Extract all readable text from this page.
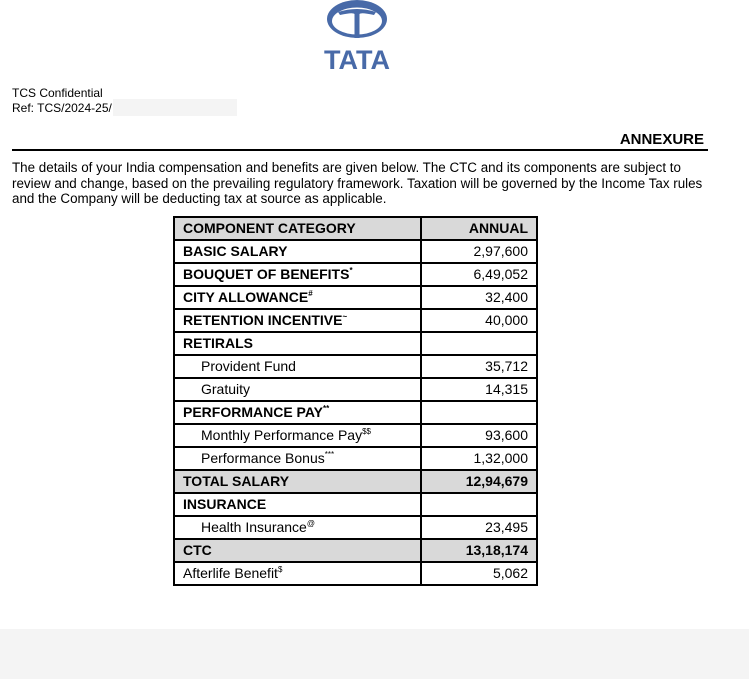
TATA
TCS Confidential
Ref: TCS/2024-25/
ANNEXURE
The details of your India compensation and benefits are given below. The CTC and its components are subject to review and change, based on the prevailing regulatory framework. Taxation will be governed by the Income Tax rules and the Company will be deducting tax at source as applicable.
COMPONENT CATEGORY	ANNUAL
BASIC SALARY	2,97,600
BOUQUET OF BENEFITS*	6,49,052
CITY ALLOWANCE#	32,400
RETENTION INCENTIVE~	40,000
RETIRALS	
Provident Fund	35,712
Gratuity	14,315
PERFORMANCE PAY**	
Monthly Performance Pay$$	93,600
Performance Bonus***	1,32,000
TOTAL SALARY	12,94,679
INSURANCE	
Health Insurance@	23,495
CTC	13,18,174
Afterlife Benefit$	5,062
